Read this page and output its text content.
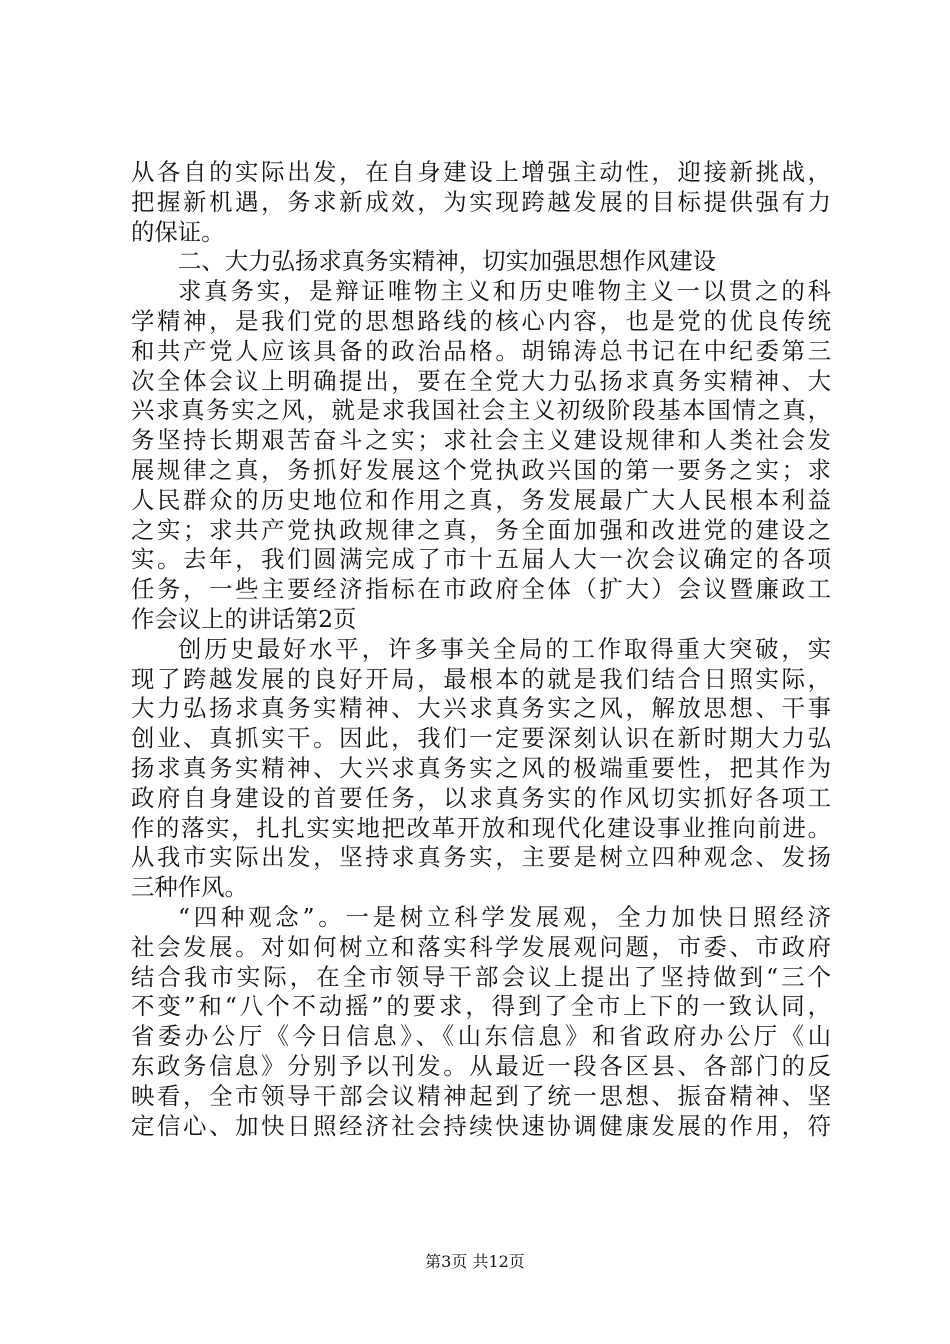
从各自的实际出发，在自身建设上增强主动性，迎接新挑战，
把握新机遇，务求新成效，为实现跨越发展的目标提供强有力
的保证。
二、大力弘扬求真务实精神，切实加强思想作风建设
求真务实，是辩证唯物主义和历史唯物主义一以贯之的科
学精神，是我们党的思想路线的核心内容，也是党的优良传统
和共产党人应该具备的政治品格。胡锦涛总书记在中纪委第三
次全体会议上明确提出，要在全党大力弘扬求真务实精神、大
兴求真务实之风，就是求我国社会主义初级阶段基本国情之真，
务坚持长期艰苦奋斗之实；求社会主义建设规律和人类社会发
展规律之真，务抓好发展这个党执政兴国的第一要务之实；求
人民群众的历史地位和作用之真，务发展最广大人民根本利益
之实；求共产党执政规律之真，务全面加强和改进党的建设之
实。去年，我们圆满完成了市十五届人大一次会议确定的各项
任务，一些主要经济指标在市政府全体（扩大）会议暨廉政工
作会议上的讲话第2页
创历史最好水平，许多事关全局的工作取得重大突破，实
现了跨越发展的良好开局，最根本的就是我们结合日照实际，
大力弘扬求真务实精神、大兴求真务实之风，解放思想、干事
创业、真抓实干。因此，我们一定要深刻认识在新时期大力弘
扬求真务实精神、大兴求真务实之风的极端重要性，把其作为
政府自身建设的首要任务，以求真务实的作风切实抓好各项工
作的落实，扎扎实实地把改革开放和现代化建设事业推向前进。
从我市实际出发，坚持求真务实，主要是树立四种观念、发扬
三种作风。
“四种观念”。一是树立科学发展观，全力加快日照经济
社会发展。对如何树立和落实科学发展观问题，市委、市政府
结合我市实际，在全市领导干部会议上提出了坚持做到“三个
不变”和“八个不动摇”的要求，得到了全市上下的一致认同，
省委办公厅《今日信息》、《山东信息》和省政府办公厅《山
东政务信息》分别予以刊发。从最近一段各区县、各部门的反
映看，全市领导干部会议精神起到了统一思想、振奋精神、坚
定信心、加快日照经济社会持续快速协调健康发展的作用，符
第3页 共12页
